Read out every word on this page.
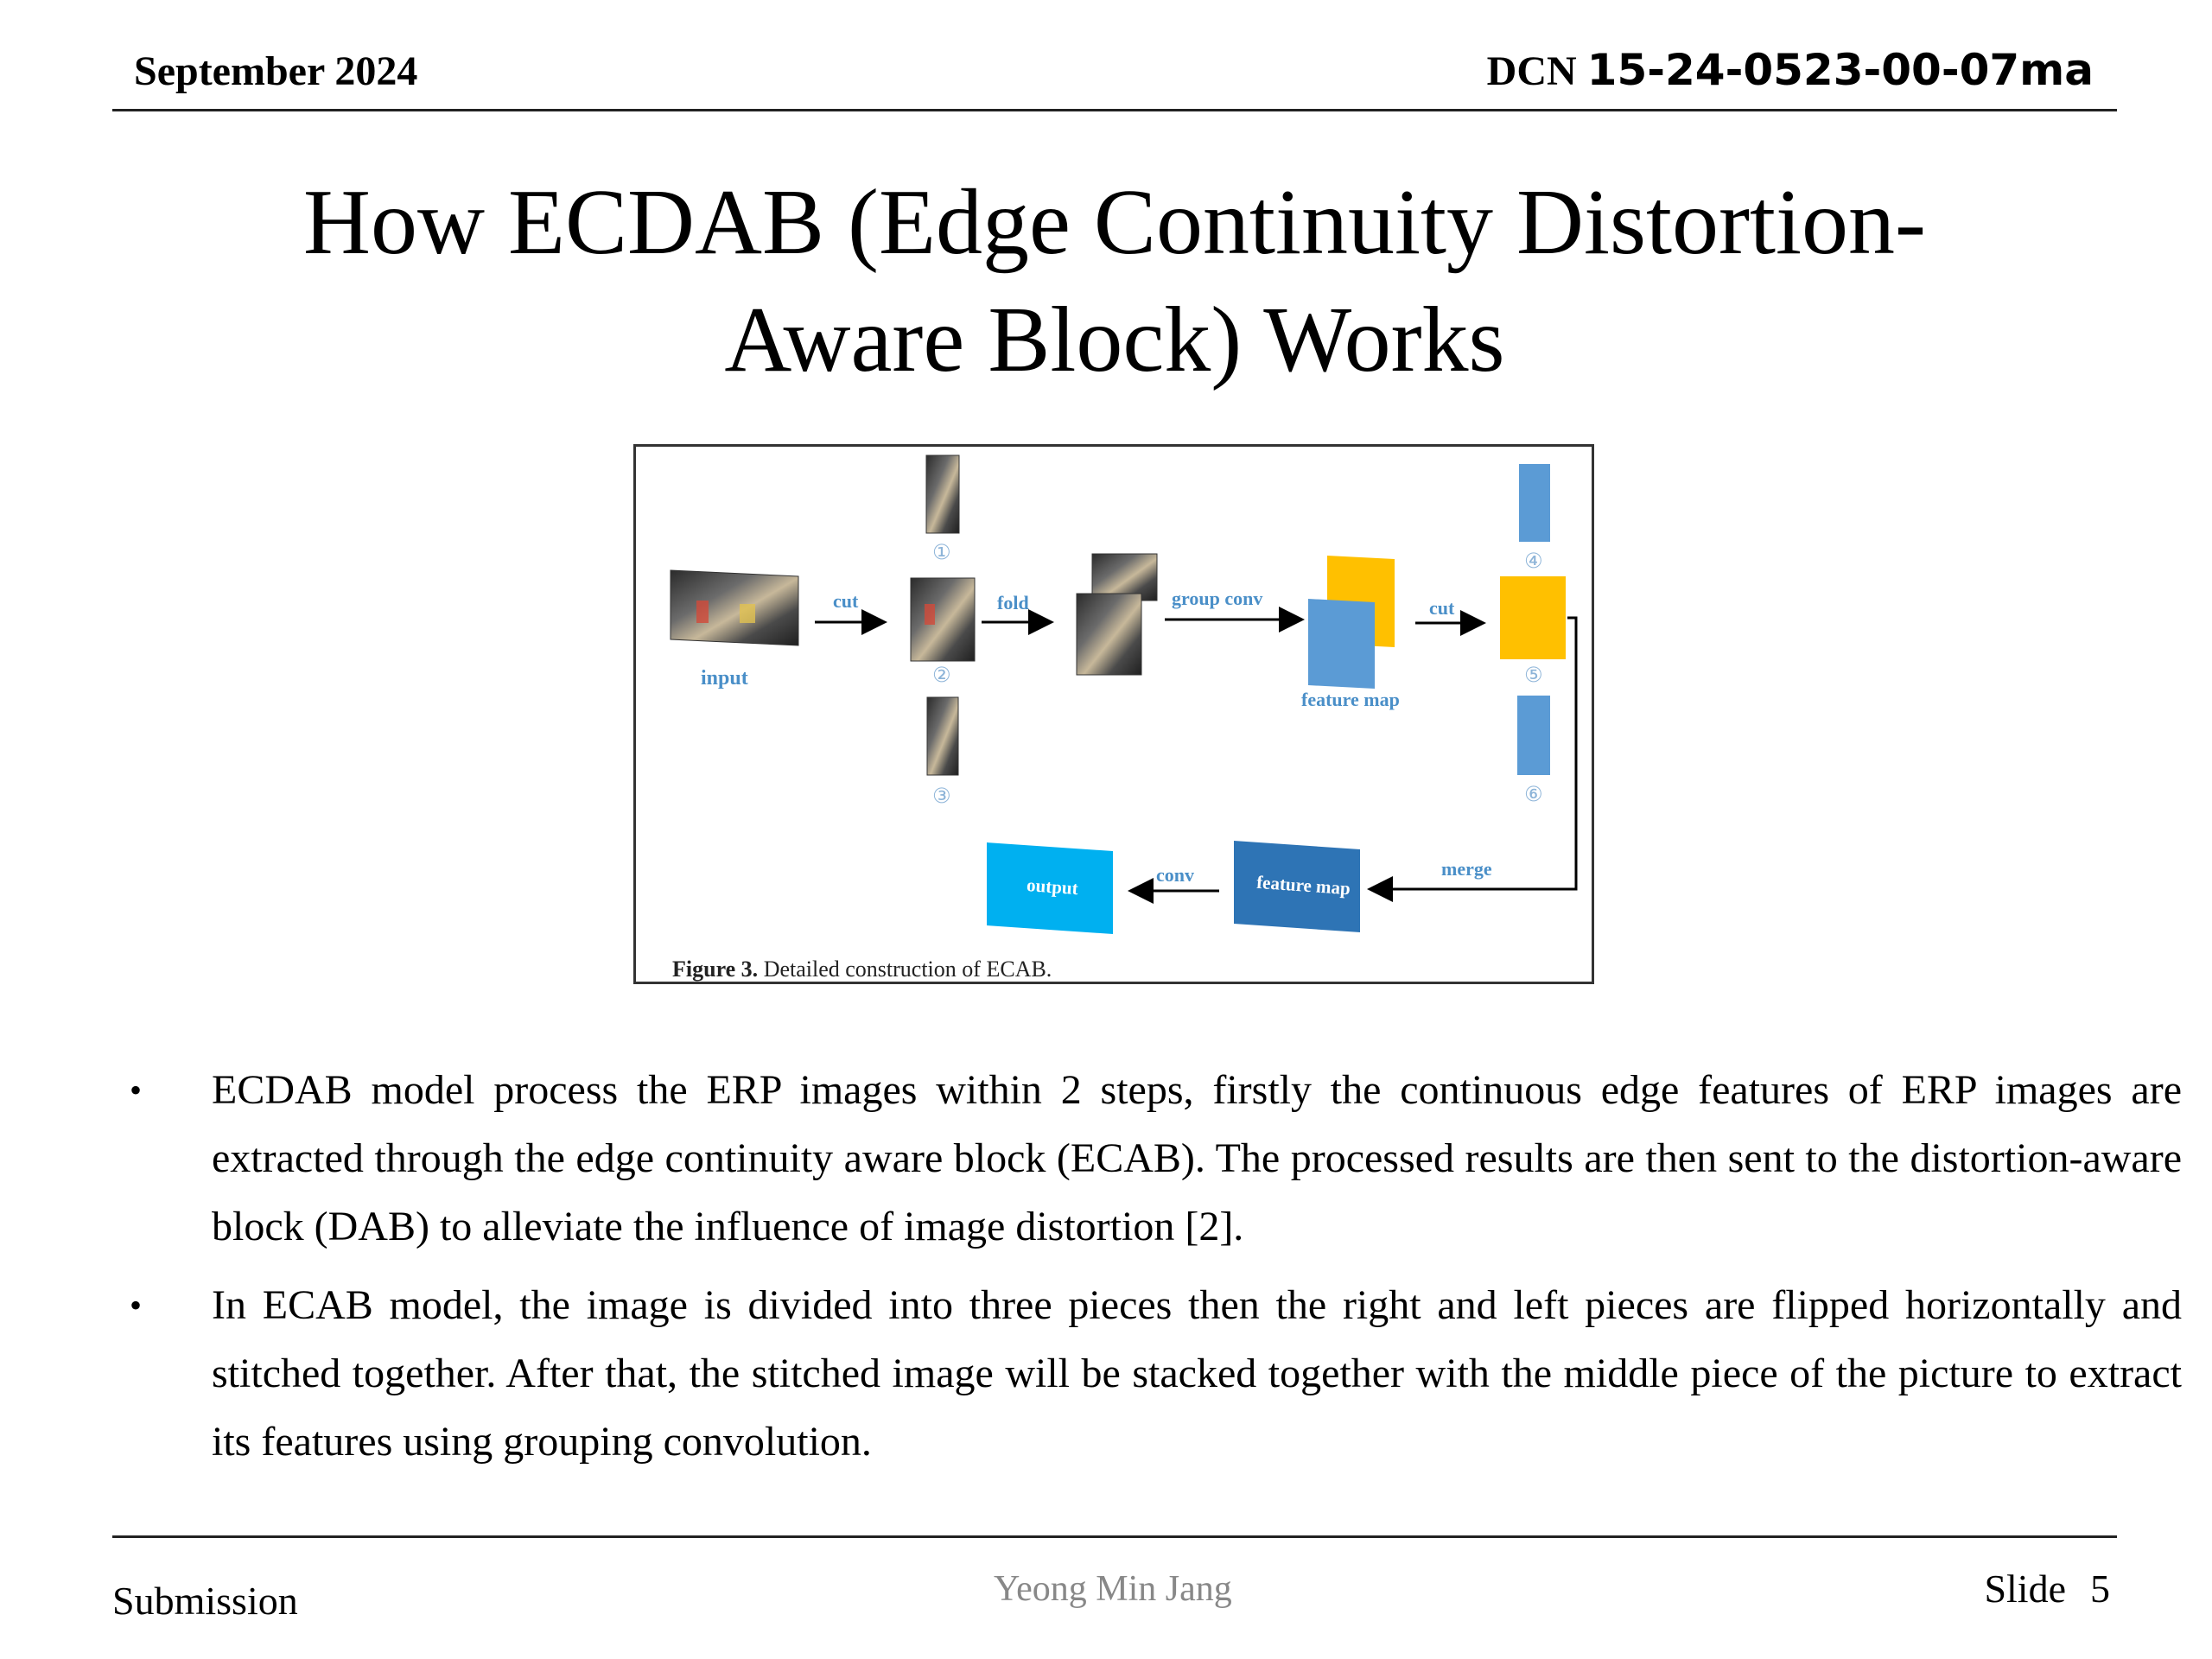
September 2024	DCN 15-24-0523-00-07ma
How ECDAB (Edge Continuity Distortion-
Aware Block) Works
input
cut
①
②
③
fold	group conv
feature map
cut
④
⑤
⑥
merge
feature map
conv
output
Figure 3. Detailed construction of ECAB.
• ECDAB model process the ERP images within 2 steps, firstly the continuous edge features of ERP images are extracted through the edge continuity aware block (ECAB). The processed results are then sent to the distortion-aware block (DAB) to alleviate the influence of image distortion [2].
• In ECAB model, the image is divided into three pieces then the right and left pieces are flipped horizontally and stitched together. After that, the stitched image will be stacked together with the middle piece of the picture to extract its features using grouping convolution.
Submission	Yeong Min Jang	Slide 5
